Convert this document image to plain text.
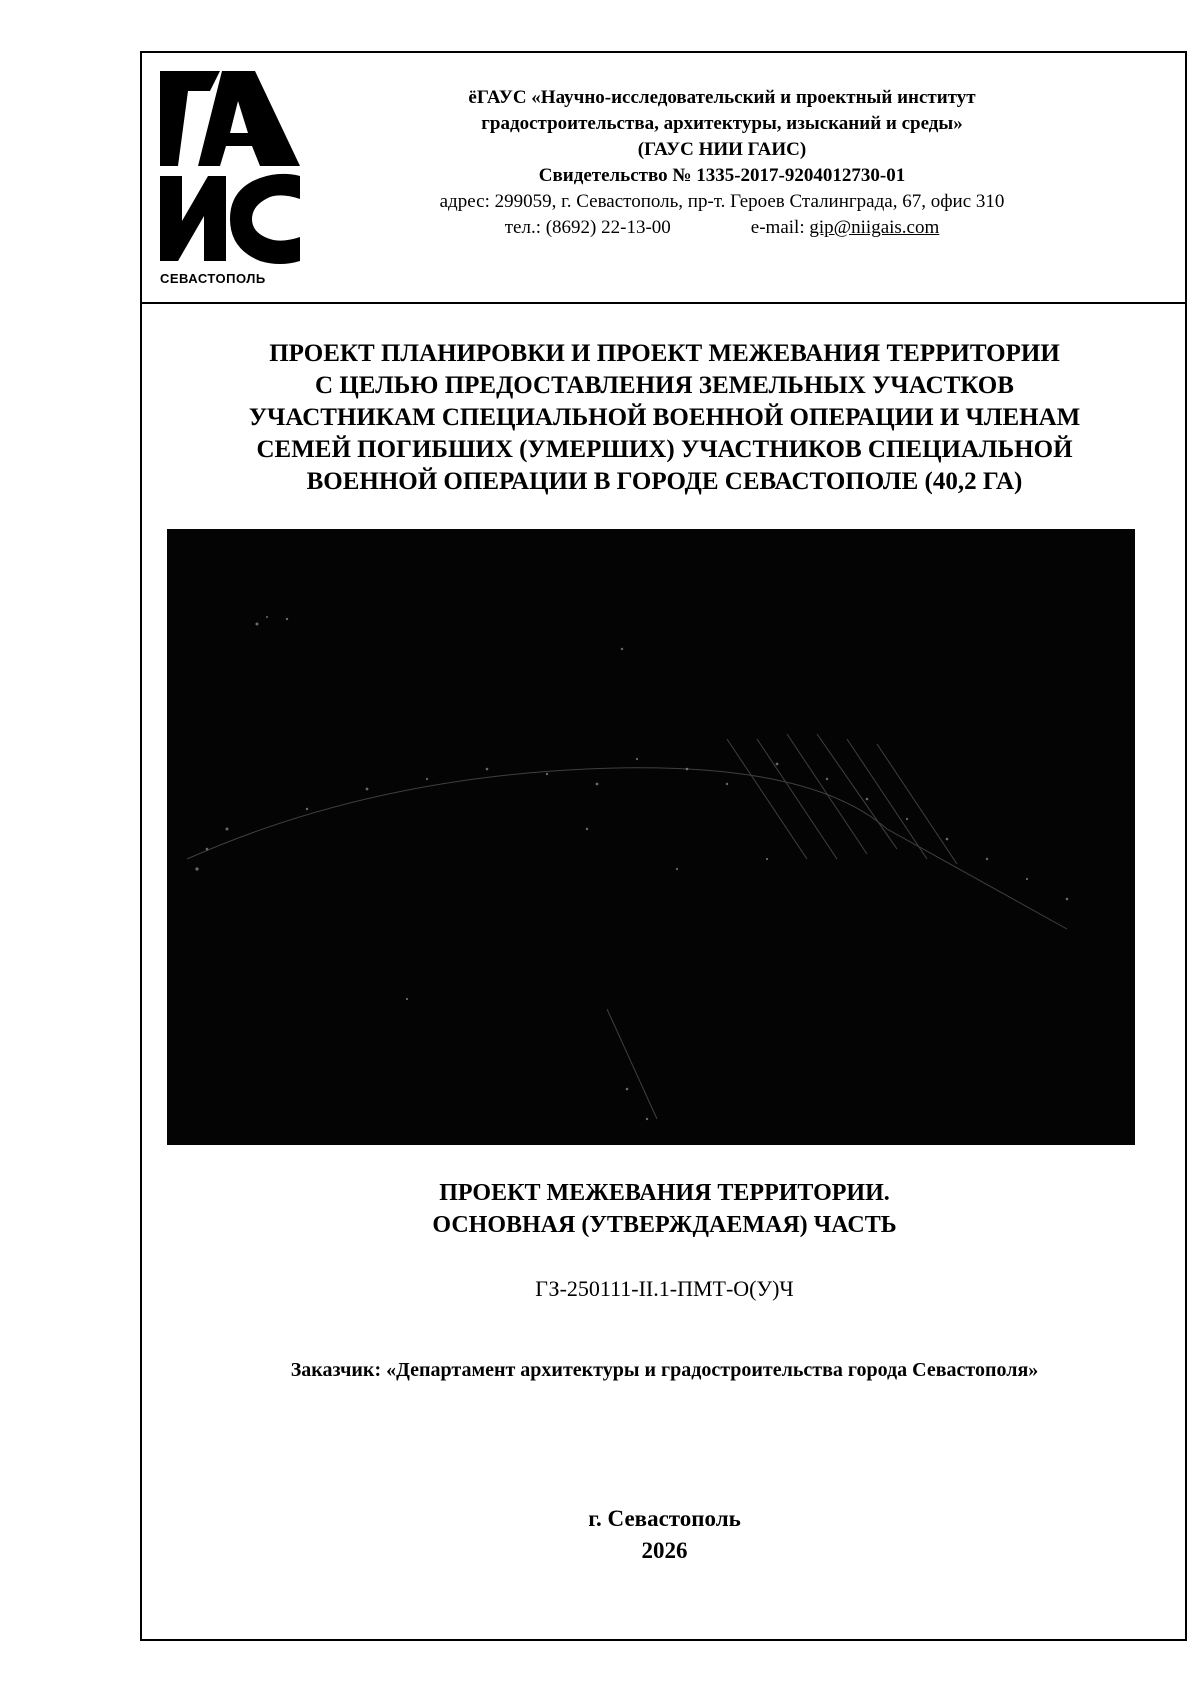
СЕВАСТОПОЛЬ
ёГАУС «Научно-исследовательский и проектный институт
градостроительства, архитектуры, изысканий и среды»
(ГАУС НИИ ГАИС)
Свидетельство № 1335-2017-9204012730-01
адрес: 299059, г. Севастополь, пр-т. Героев Сталинграда, 67, офис 310
тел.: (8692) 22-13-00	e-mail: gip@niigais.com
ПРОЕКТ ПЛАНИРОВКИ И ПРОЕКТ МЕЖЕВАНИЯ ТЕРРИТОРИИ
С ЦЕЛЬЮ ПРЕДОСТАВЛЕНИЯ ЗЕМЕЛЬНЫХ УЧАСТКОВ
УЧАСТНИКАМ СПЕЦИАЛЬНОЙ ВОЕННОЙ ОПЕРАЦИИ И ЧЛЕНАМ
СЕМЕЙ ПОГИБШИХ (УМЕРШИХ) УЧАСТНИКОВ СПЕЦИАЛЬНОЙ
ВОЕННОЙ ОПЕРАЦИИ В ГОРОДЕ СЕВАСТОПОЛЕ (40,2 ГА)
ПРОЕКТ МЕЖЕВАНИЯ ТЕРРИТОРИИ.
ОСНОВНАЯ (УТВЕРЖДАЕМАЯ) ЧАСТЬ
ГЗ-250111-II.1-ПМТ-О(У)Ч
Заказчик: «Департамент архитектуры и градостроительства города Севастополя»
г. Севастополь
2026
